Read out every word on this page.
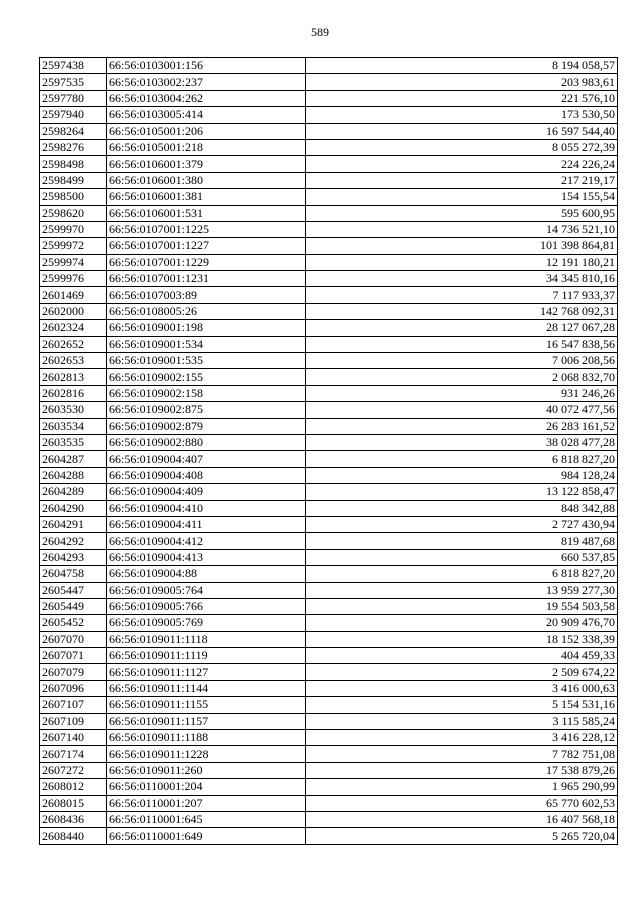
589
2597438	66:56:0103001:156	8 194 058,57
2597535	66:56:0103002:237	203 983,61
2597780	66:56:0103004:262	221 576,10
2597940	66:56:0103005:414	173 530,50
2598264	66:56:0105001:206	16 597 544,40
2598276	66:56:0105001:218	8 055 272,39
2598498	66:56:0106001:379	224 226,24
2598499	66:56:0106001:380	217 219,17
2598500	66:56:0106001:381	154 155,54
2598620	66:56:0106001:531	595 600,95
2599970	66:56:0107001:1225	14 736 521,10
2599972	66:56:0107001:1227	101 398 864,81
2599974	66:56:0107001:1229	12 191 180,21
2599976	66:56:0107001:1231	34 345 810,16
2601469	66:56:0107003:89	7 117 933,37
2602000	66:56:0108005:26	142 768 092,31
2602324	66:56:0109001:198	28 127 067,28
2602652	66:56:0109001:534	16 547 838,56
2602653	66:56:0109001:535	7 006 208,56
2602813	66:56:0109002:155	2 068 832,70
2602816	66:56:0109002:158	931 246,26
2603530	66:56:0109002:875	40 072 477,56
2603534	66:56:0109002:879	26 283 161,52
2603535	66:56:0109002:880	38 028 477,28
2604287	66:56:0109004:407	6 818 827,20
2604288	66:56:0109004:408	984 128,24
2604289	66:56:0109004:409	13 122 858,47
2604290	66:56:0109004:410	848 342,88
2604291	66:56:0109004:411	2 727 430,94
2604292	66:56:0109004:412	819 487,68
2604293	66:56:0109004:413	660 537,85
2604758	66:56:0109004:88	6 818 827,20
2605447	66:56:0109005:764	13 959 277,30
2605449	66:56:0109005:766	19 554 503,58
2605452	66:56:0109005:769	20 909 476,70
2607070	66:56:0109011:1118	18 152 338,39
2607071	66:56:0109011:1119	404 459,33
2607079	66:56:0109011:1127	2 509 674,22
2607096	66:56:0109011:1144	3 416 000,63
2607107	66:56:0109011:1155	5 154 531,16
2607109	66:56:0109011:1157	3 115 585,24
2607140	66:56:0109011:1188	3 416 228,12
2607174	66:56:0109011:1228	7 782 751,08
2607272	66:56:0109011:260	17 538 879,26
2608012	66:56:0110001:204	1 965 290,99
2608015	66:56:0110001:207	65 770 602,53
2608436	66:56:0110001:645	16 407 568,18
2608440	66:56:0110001:649	5 265 720,04
